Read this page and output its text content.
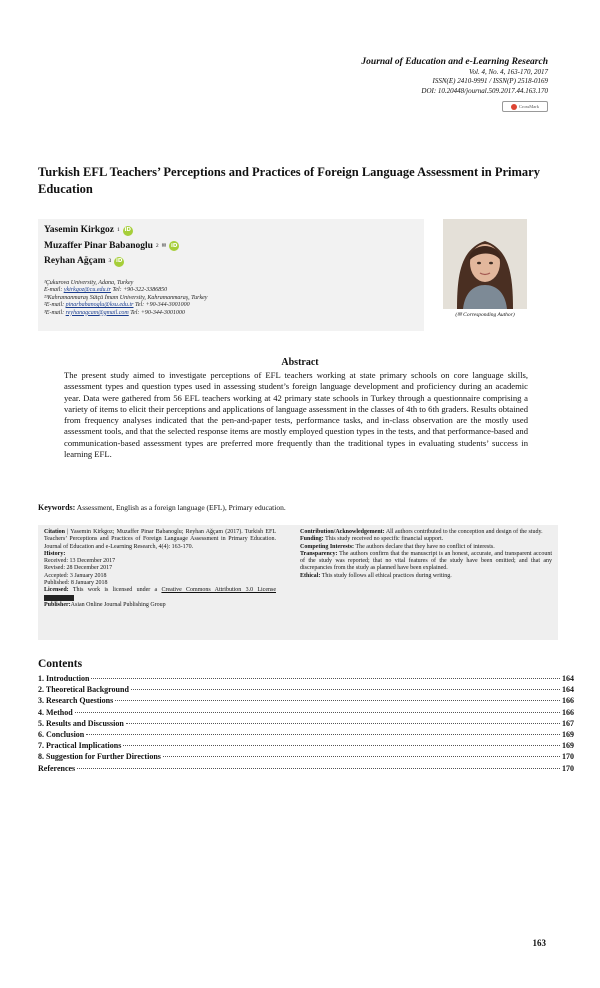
Journal of Education and e-Learning Research
Vol. 4, No. 4, 163-170, 2017
ISSN(E) 2410-9991 / ISSN(P) 2518-0169
DOI: 10.20448/journal.509.2017.44.163.170
CrossMark
Turkish EFL Teachers’ Perceptions and Practices of Foreign Language Assessment in Primary Education
Yasemin Kirkgoz 1 iD
Muzaffer Pinar Babanoglu 2 ✉ iD
Reyhan Ağçam 3 iD
¹Çukurova University, Adana, Turkey
E-mail: ykirkgoz@cu.edu.tr Tel: +90-322-3386850
²³Kahramanmaraş Sütçü İmam University, Kahramanmaraş, Turkey
²E-mail: pinarbabanoglu@ksu.edu.tr Tel: +90-344-3001000
³E-mail: reyhanagcam@gmail.com Tel: +90-344-3001000	(✉ Corresponding Author)
Abstract
The present study aimed to investigate perceptions of EFL teachers working at state primary schools on core language skills, assessment types and question types used in assessing student’s foreign language development and proficiency during an academic year. Data were gathered from 56 EFL teachers working at 42 primary state schools in Turkey through a questionnaire comprising a variety of items to elicit their perceptions and applications of language assessment in the classes of 4th to 6th graders. Results obtained from frequency analyses indicated that the pen-and-paper tests, performance tasks, and in-class observation are the mostly used assessment tools, and that the selected response items are mostly employed question types in the tests, and that performance-based and communication-based assessment types are preferred more frequently than the traditional types in evaluating students’ success in learning EFL.
Keywords: Assessment, English as a foreign language (EFL), Primary education.
Citation | Yasemin Kirkgoz; Muzaffer Pinar Babanoglu; Reyhan Ağçam (2017). Turkish EFL Teachers’ Perceptions and Practices of Foreign Language Assessment in Primary Education. Journal of Education and e-Learning Research, 4(4): 163-170.
History:
Received: 13 December 2017
Revised: 28 December 2017
Accepted: 3 January 2018
Published: 8 January 2018
Licensed: This work is licensed under a Creative Commons Attribution 3.0 License
Publisher:Asian Online Journal Publishing Group
Contribution/Acknowledgement: All authors contributed to the conception and design of the study.
Funding: This study received no specific financial support.
Competing Interests: The authors declare that they have no conflict of interests.
Transparency: The authors confirm that the manuscript is an honest, accurate, and transparent account of the study was reported; that no vital features of the study have been omitted; and that any discrepancies from the study as planned have been explained.
Ethical: This study follows all ethical practices during writing.
Contents
1. Introduction	164
2. Theoretical Background	164
3. Research Questions	166
4. Method	166
5. Results and Discussion	167
6. Conclusion	169
7. Practical Implications	169
8. Suggestion for Further Directions	170
References	170
163
